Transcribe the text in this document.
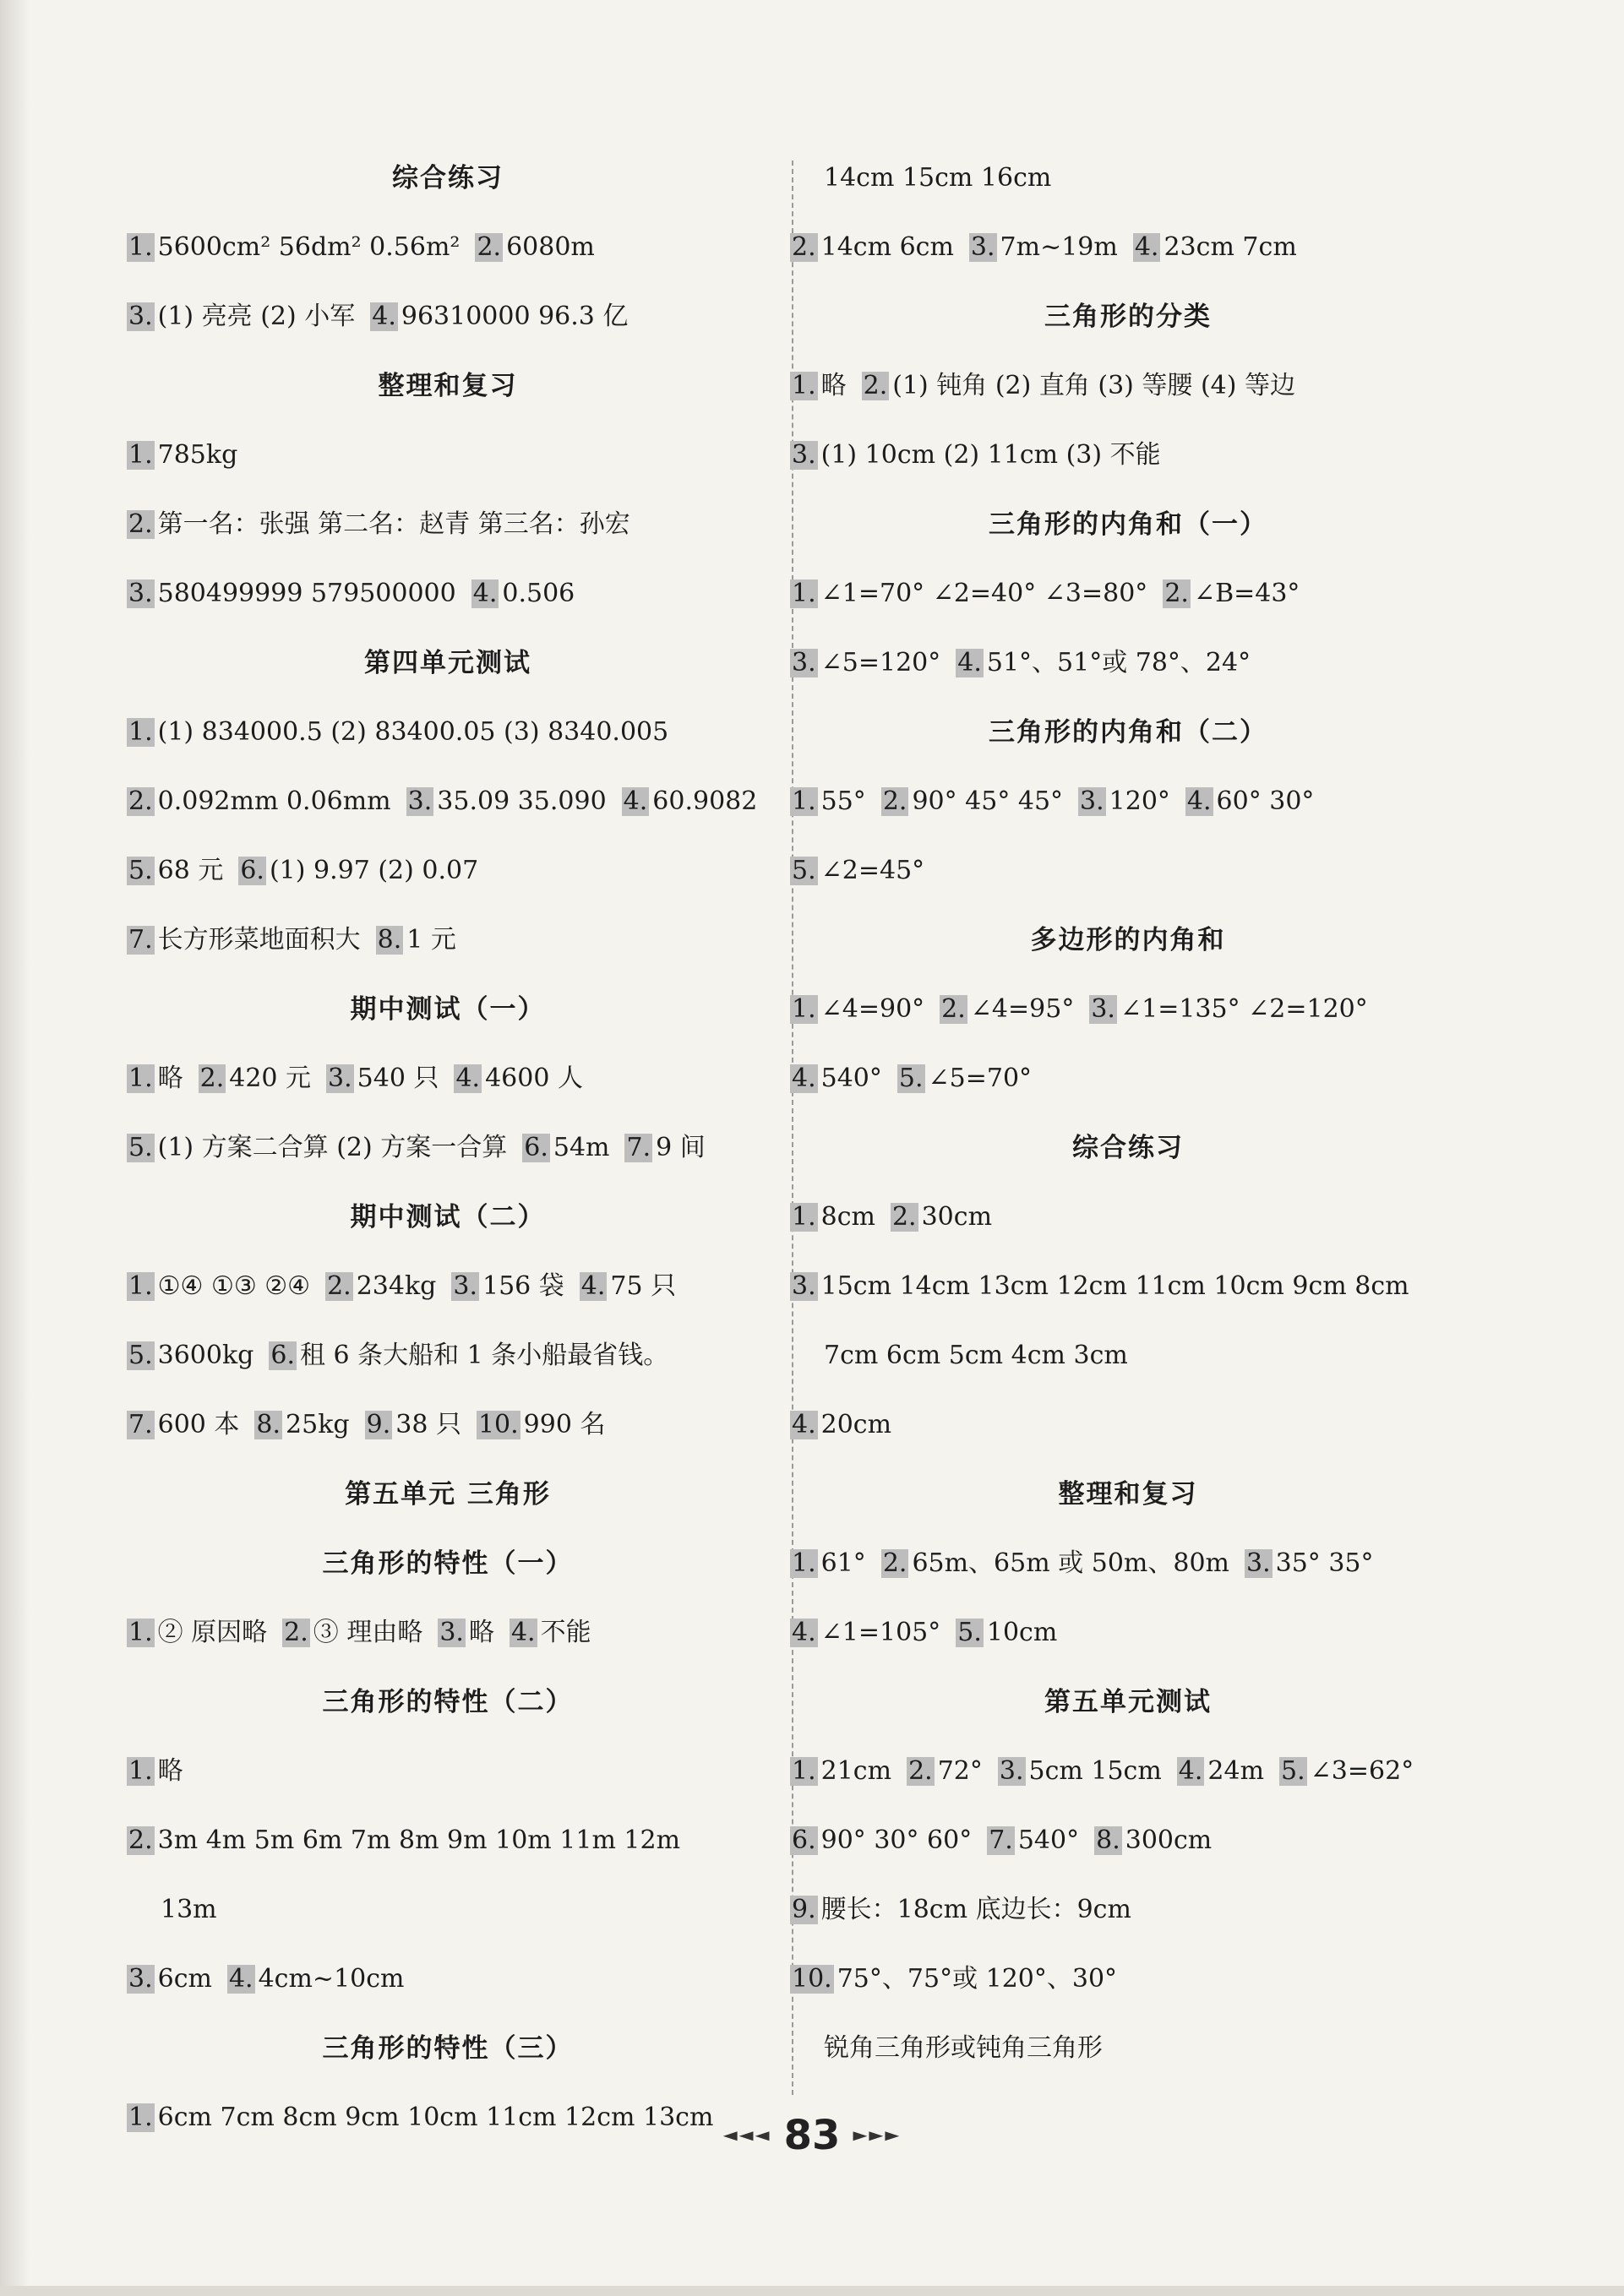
综合练习
1. 5600cm² 56dm² 0.56m² 2. 6080m
3. (1) 亮亮 (2) 小军 4. 96310000 96.3 亿
整理和复习
1. 785kg
2. 第一名：张强 第二名：赵青 第三名：孙宏
3. 580499999 579500000 4. 0.506
第四单元测试
1. (1) 834000.5 (2) 83400.05 (3) 8340.005
2. 0.092mm 0.06mm 3. 35.09 35.090 4. 60.9082
5. 68 元 6. (1) 9.97 (2) 0.07
7. 长方形菜地面积大 8. 1 元
期中测试（一）
1. 略 2. 420 元 3. 540 只 4. 4600 人
5. (1) 方案二合算 (2) 方案一合算 6. 54m 7. 9 间
期中测试（二）
1. ①④ ①③ ②④ 2. 234kg 3. 156 袋 4. 75 只
5. 3600kg 6. 租 6 条大船和 1 条小船最省钱。
7. 600 本 8. 25kg 9. 38 只 10. 990 名
第五单元 三角形
三角形的特性（一）
1. ② 原因略 2. ③ 理由略 3. 略 4. 不能
三角形的特性（二）
1. 略
2. 3m 4m 5m 6m 7m 8m 9m 10m 11m 12m
13m
3. 6cm 4. 4cm~10cm
三角形的特性（三）
1. 6cm 7cm 8cm 9cm 10cm 11cm 12cm 13cm
14cm 15cm 16cm
2. 14cm 6cm 3. 7m~19m 4. 23cm 7cm
三角形的分类
1. 略 2. (1) 钝角 (2) 直角 (3) 等腰 (4) 等边
3. (1) 10cm (2) 11cm (3) 不能
三角形的内角和（一）
1. ∠1=70° ∠2=40° ∠3=80° 2. ∠B=43°
3. ∠5=120° 4. 51°、51°或 78°、24°
三角形的内角和（二）
1. 55° 2. 90° 45° 45° 3. 120° 4. 60° 30°
5. ∠2=45°
多边形的内角和
1. ∠4=90° 2. ∠4=95° 3. ∠1=135° ∠2=120°
4. 540° 5. ∠5=70°
综合练习
1. 8cm 2. 30cm
3. 15cm 14cm 13cm 12cm 11cm 10cm 9cm 8cm
7cm 6cm 5cm 4cm 3cm
4. 20cm
整理和复习
1. 61° 2. 65m、65m 或 50m、80m 3. 35° 35°
4. ∠1=105° 5. 10cm
第五单元测试
1. 21cm 2. 72° 3. 5cm 15cm 4. 24m 5. ∠3=62°
6. 90° 30° 60° 7. 540° 8. 300cm
9. 腰长：18cm 底边长：9cm
10. 75°、75°或 120°、30°
锐角三角形或钝角三角形
◄◄◄ 83 ►►►
